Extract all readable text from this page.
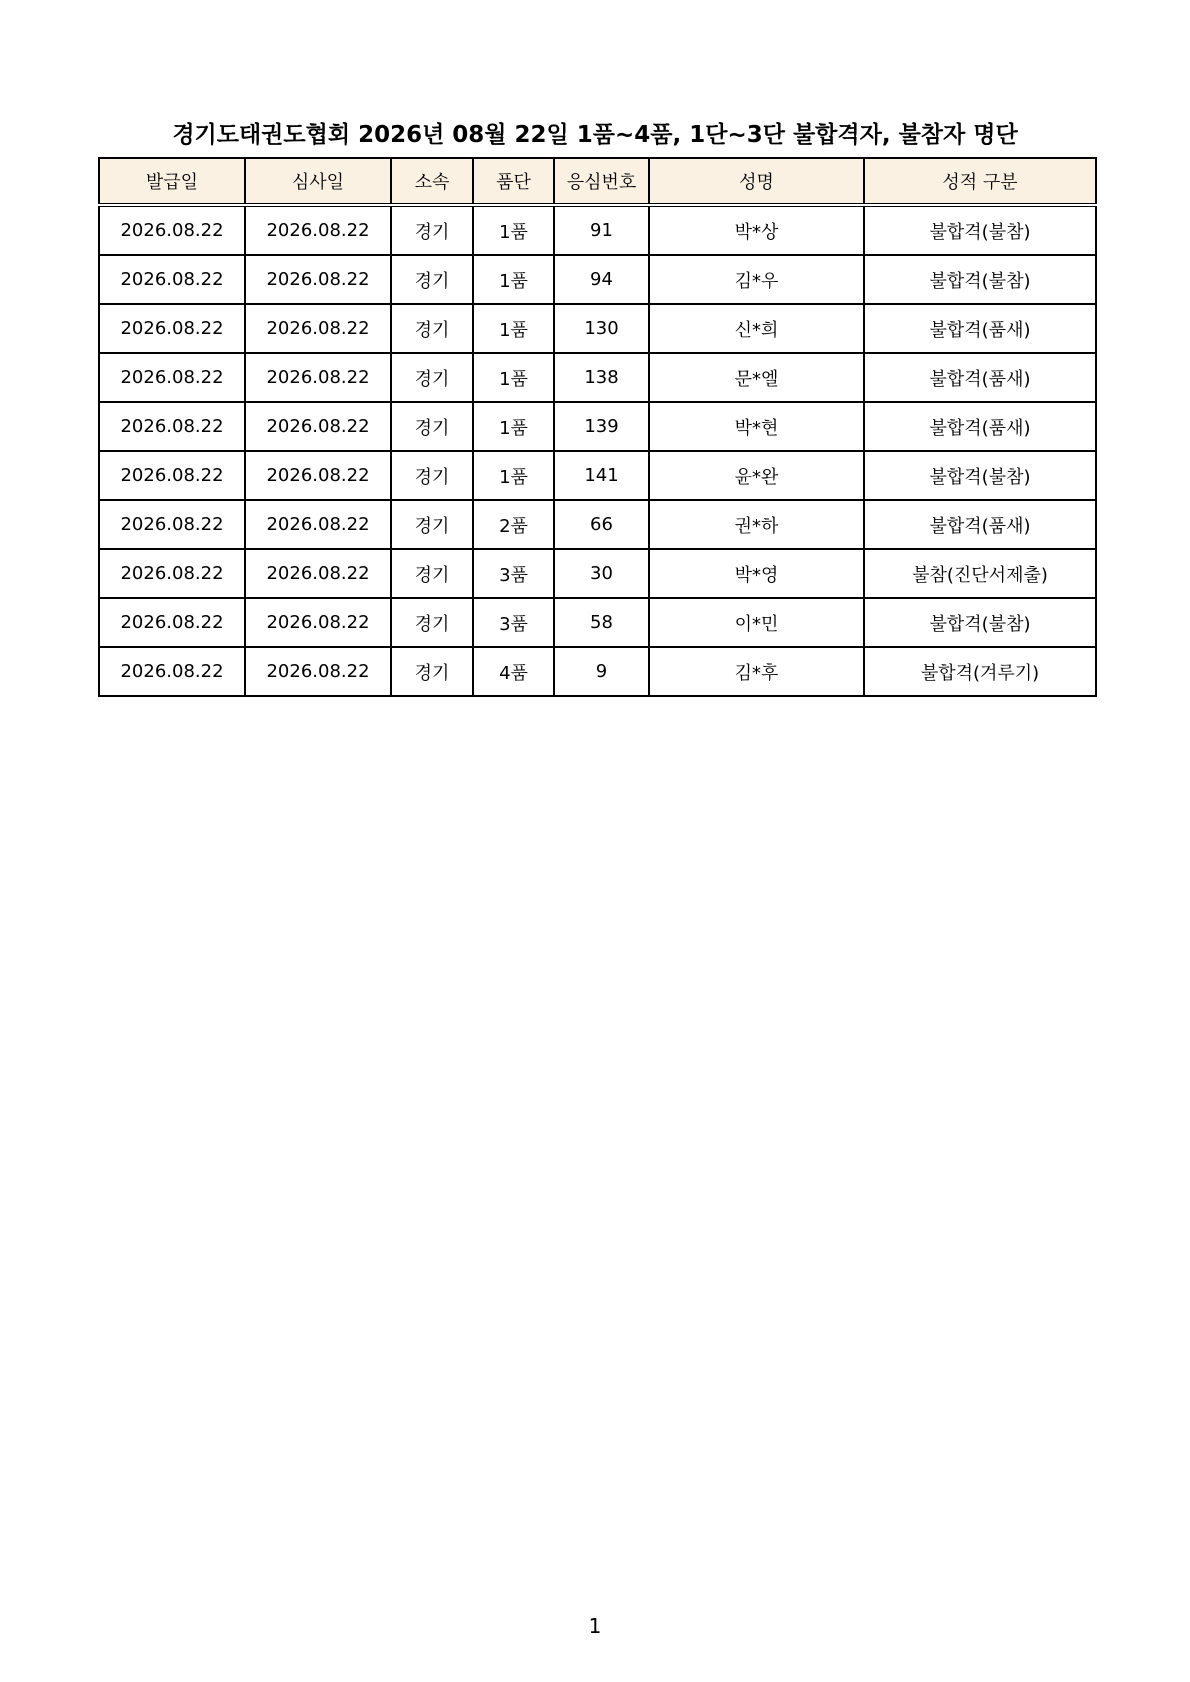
경기도태권도협회 2026년 08월 22일 1품~4품, 1단~3단 불합격자, 불참자 명단
발급일	심사일	소속	품단	응심번호	성명	성적 구분
2026.08.22	2026.08.22	경기	1품	91	박*상	불합격(불참)
2026.08.22	2026.08.22	경기	1품	94	김*우	불합격(불참)
2026.08.22	2026.08.22	경기	1품	130	신*희	불합격(품새)
2026.08.22	2026.08.22	경기	1품	138	문*엘	불합격(품새)
2026.08.22	2026.08.22	경기	1품	139	박*현	불합격(품새)
2026.08.22	2026.08.22	경기	1품	141	윤*완	불합격(불참)
2026.08.22	2026.08.22	경기	2품	66	권*하	불합격(품새)
2026.08.22	2026.08.22	경기	3품	30	박*영	불참(진단서제출)
2026.08.22	2026.08.22	경기	3품	58	이*민	불합격(불참)
2026.08.22	2026.08.22	경기	4품	9	김*후	불합격(겨루기)
1
